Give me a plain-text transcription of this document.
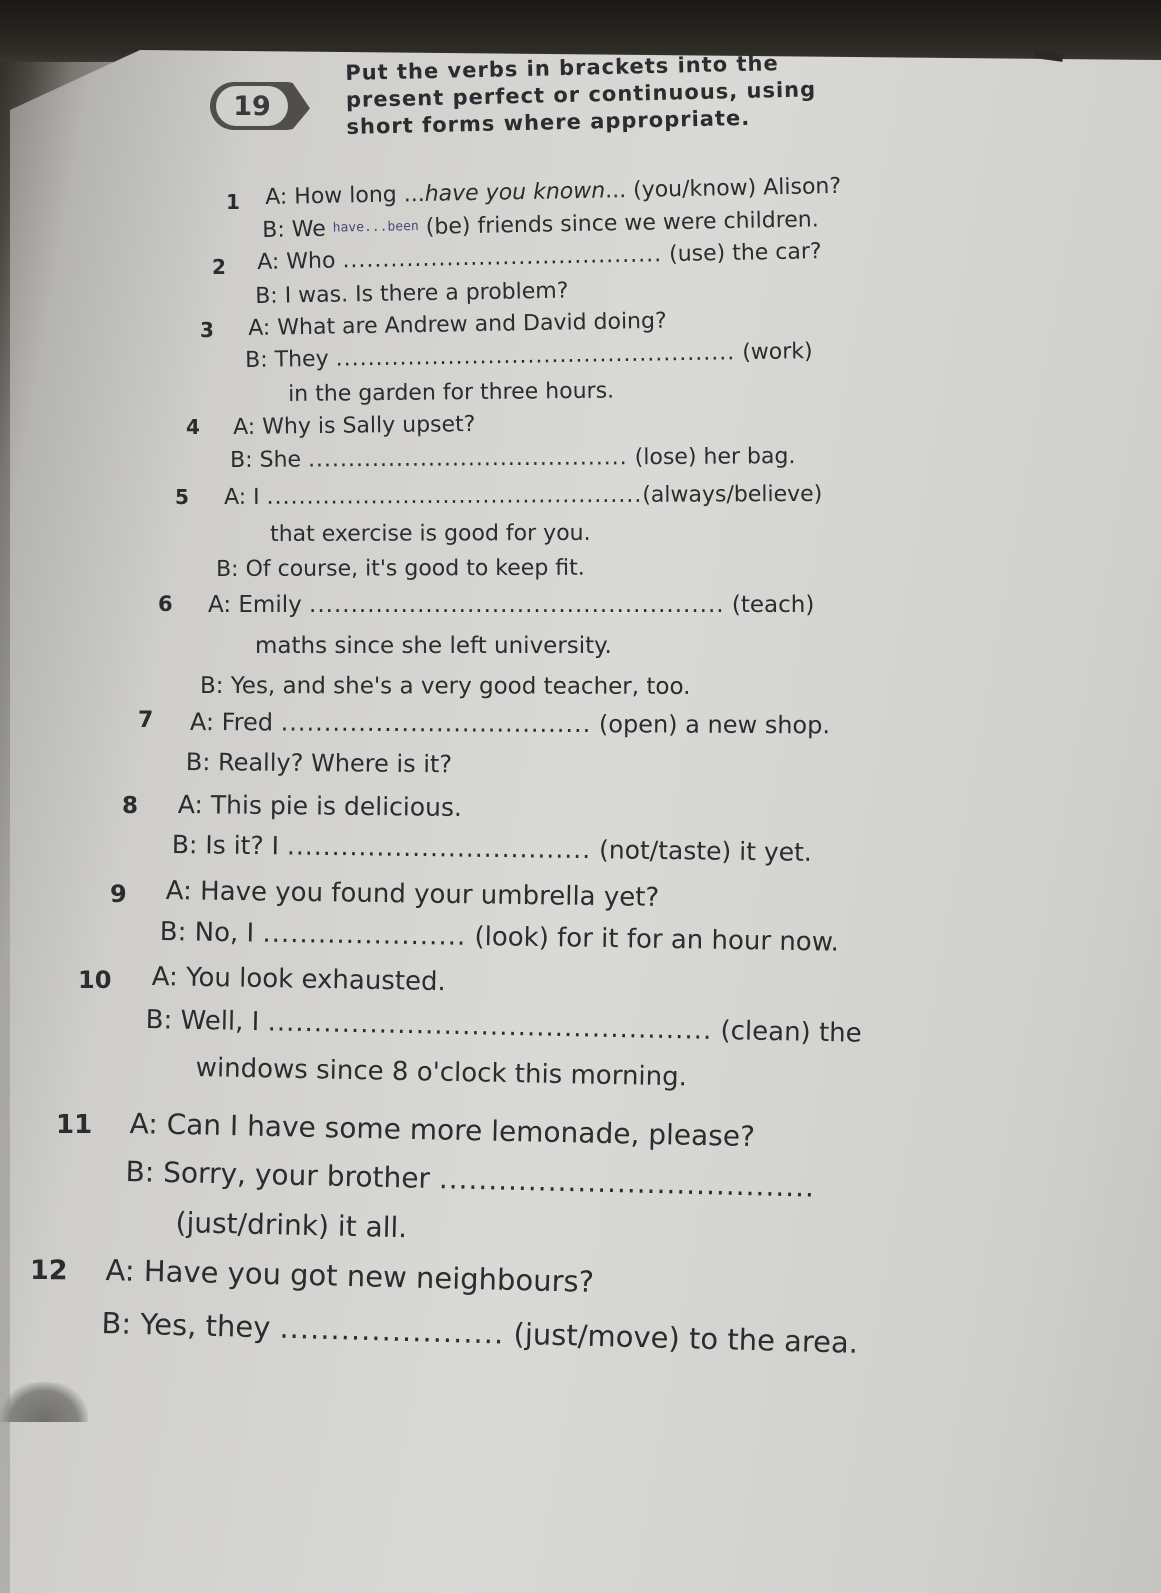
19
Put the verbs in brackets into the
present perfect or continuous, using
short forms where appropriate.
1 A: How long ...have you known... (you/know) Alison?
B: We have...been (be) friends since we were children.
2 A: Who ........................................ (use) the car?
B: I was. Is there a problem?
3 A: What are Andrew and David doing?
B: They .................................................. (work)
in the garden for three hours.
4 A: Why is Sally upset?
B: She ........................................ (lose) her bag.
5 A: I ...............................................(always/believe)
that exercise is good for you.
B: Of course, it's good to keep fit.
6 A: Emily .................................................. (teach)
maths since she left university.
B: Yes, and she's a very good teacher, too.
7 A: Fred .................................... (open) a new shop.
B: Really? Where is it?
8 A: This pie is delicious.
B: Is it? I .................................. (not/taste) it yet.
9 A: Have you found your umbrella yet?
B: No, I ...................... (look) for it for an hour now.
10 A: You look exhausted.
B: Well, I ................................................ (clean) the
windows since 8 o'clock this morning.
11 A: Can I have some more lemonade, please?
B: Sorry, your brother ......................................
(just/drink) it all.
12 A: Have you got new neighbours?
B: Yes, they ...................... (just/move) to the area.
